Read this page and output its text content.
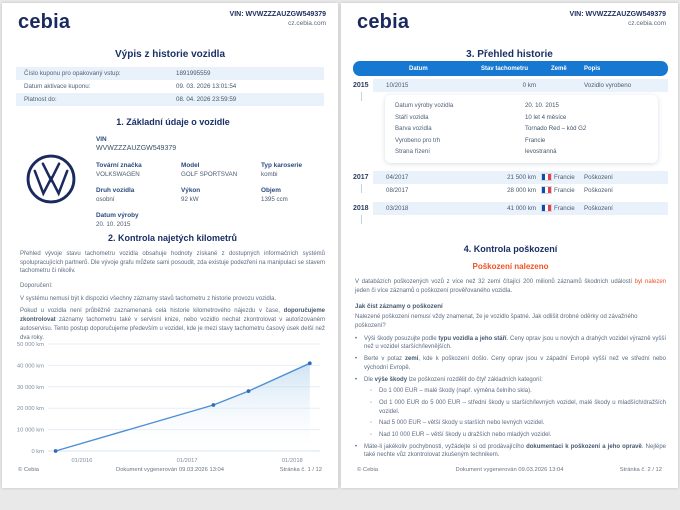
cebia	VIN: WVWZZZAUZGW549379
cz.cebia.com
Výpis z historie vozidla
Číslo kuponu pro opakovaný vstup:	1891995559
Datum aktivace kuponu:	09. 03. 2026 13:01:54
Platnost do:	08. 04. 2026 23:59:59
1. Základní údaje o vozidle
VIN
WVWZZZAUZGW549379
Tovární značka
VOLKSWAGEN
Model
GOLF SPORTSVAN
Typ karoserie
kombi
Druh vozidla
osobní
Výkon
92 kW
Objem
1395 ccm
Datum výroby
20. 10. 2015
2. Kontrola najetých kilometrů
Přehled vývoje stavu tachometru vozidla obsahuje hodnoty získané z dostupných informačních systémů spolupracujících partnerů. Dle vývoje grafu můžete sami posoudit, zda existuje podezření na manipulaci se stavem tachometru či nikoliv.
Doporučení:
V systému nemusí být k dispozici všechny záznamy stavů tachometru z historie provozu vozidla.
Pokud u vozidla není průběžně zaznamenaná celá historie kilometrového nájezdu v čase, doporučujeme zkontrolovat záznamy tachometru také v servisní knize, nebo vozidlo nechat zkontrolovat v autorizovaném autoservisu. Tento postup doporučujeme především u vozidel, kde je mezi stavy tachometru časový úsek delší než dva roky.
50 000 km
40 000 km
30 000 km
20 000 km
10 000 km
0 km
01/2016	01/2017	01/2018
© Cebia	Dokument vygenerován 09.03.2026 13:04	Stránka č. 1 / 12
cebia	VIN: WVWZZZAUZGW549379
cz.cebia.com
3. Přehled historie
Datum	Stav tachometru	Země	Popis
2015	10/2015	0 km	Vozidlo vyrobeno
Datum výroby vozidla	20. 10. 2015
Stáří vozidla	10 let 4 měsíce
Barva vozidla	Tornado Red – kód G2
Vyrobeno pro trh	Francie
Strana řízení	levostranná
2017	04/2017	21 500 km	Francie Poškození
08/2017	28 000 km	Francie Poškození
2018	03/2018	41 000 km	Francie Poškození
4. Kontrola poškození
Poškození nalezeno
V databázích poškozených vozů z více než 32 zemí čítající 200 milionů záznamů škodních událostí byl nalezen jeden či více záznamů o poškození prověřovaného vozidla.
Jak číst záznamy o poškození
Nalezené poškození nemusí vždy znamenat, že je vozidlo špatné. Jak odlišit drobné oděrky od závažného poškození?
•
Výši škody posuzujte podle typu vozidla a jeho stáří. Ceny oprav jsou u nových a drahých vozidel výrazně vyšší než u vozidel starších/levnějších.
•
Berte v potaz zemi, kde k poškození došlo. Ceny oprav jsou v západní Evropě vyšší než ve střední nebo východní Evropě.
•
Dle výše škody lze poškození rozdělit do čtyř základních kategorií:
◦
Do 1 000 EUR – malé škody (např. výměna čelního skla).
◦
Od 1 000 EUR do 5 000 EUR – střední škody u starších/levných vozidel, malé škody u mladších/dražších vozidel.
◦
Nad 5 000 EUR – větší škody u starších nebo levných vozidel.
◦
Nad 10 000 EUR – větší škody u dražších nebo mladých vozidel.
•
Máte-li jakékoliv pochybnosti, vyžádejte si od prodávajícího dokumentaci k poškození a jeho opravě. Nejlépe také nechte vůz zkontrolovat zkušeným technikem.
© Cebia	Dokument vygenerován 09.03.2026 13:04	Stránka č. 2 / 12
